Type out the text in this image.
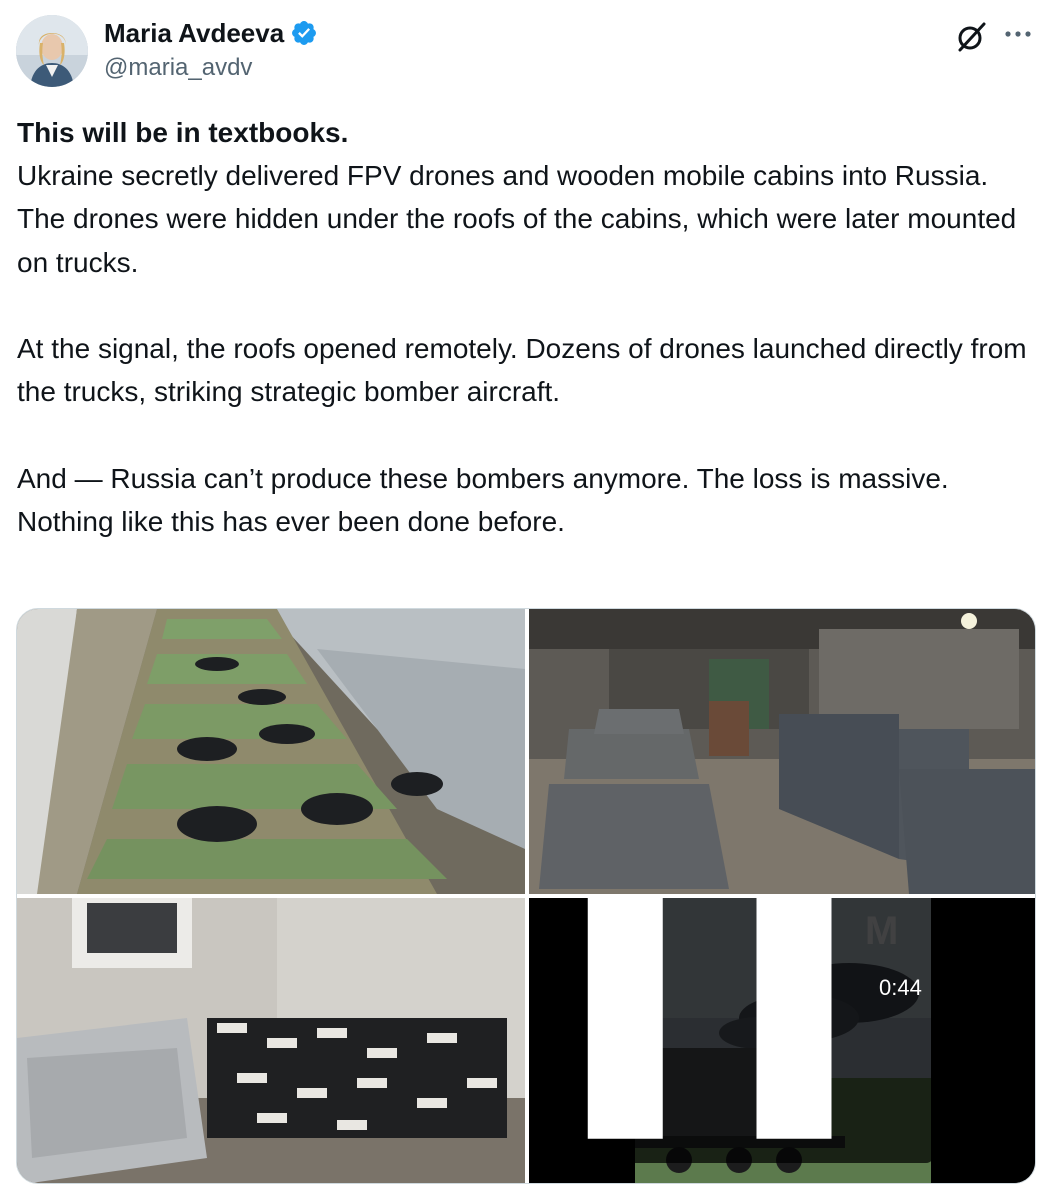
Maria Avdeeva
@maria_avdv

This will be in textbooks.

Ukraine secretly delivered FPV drones and wooden mobile cabins into Russia. The drones were hidden under the roofs of the cabins, which were later mounted on trucks.

At the signal, the roofs opened remotely. Dozens of drones launched directly from the trucks, striking strategic bomber aircraft.

And — Russia can’t produce these bombers anymore. The loss is massive.

Nothing like this has ever been done before.

0:44
